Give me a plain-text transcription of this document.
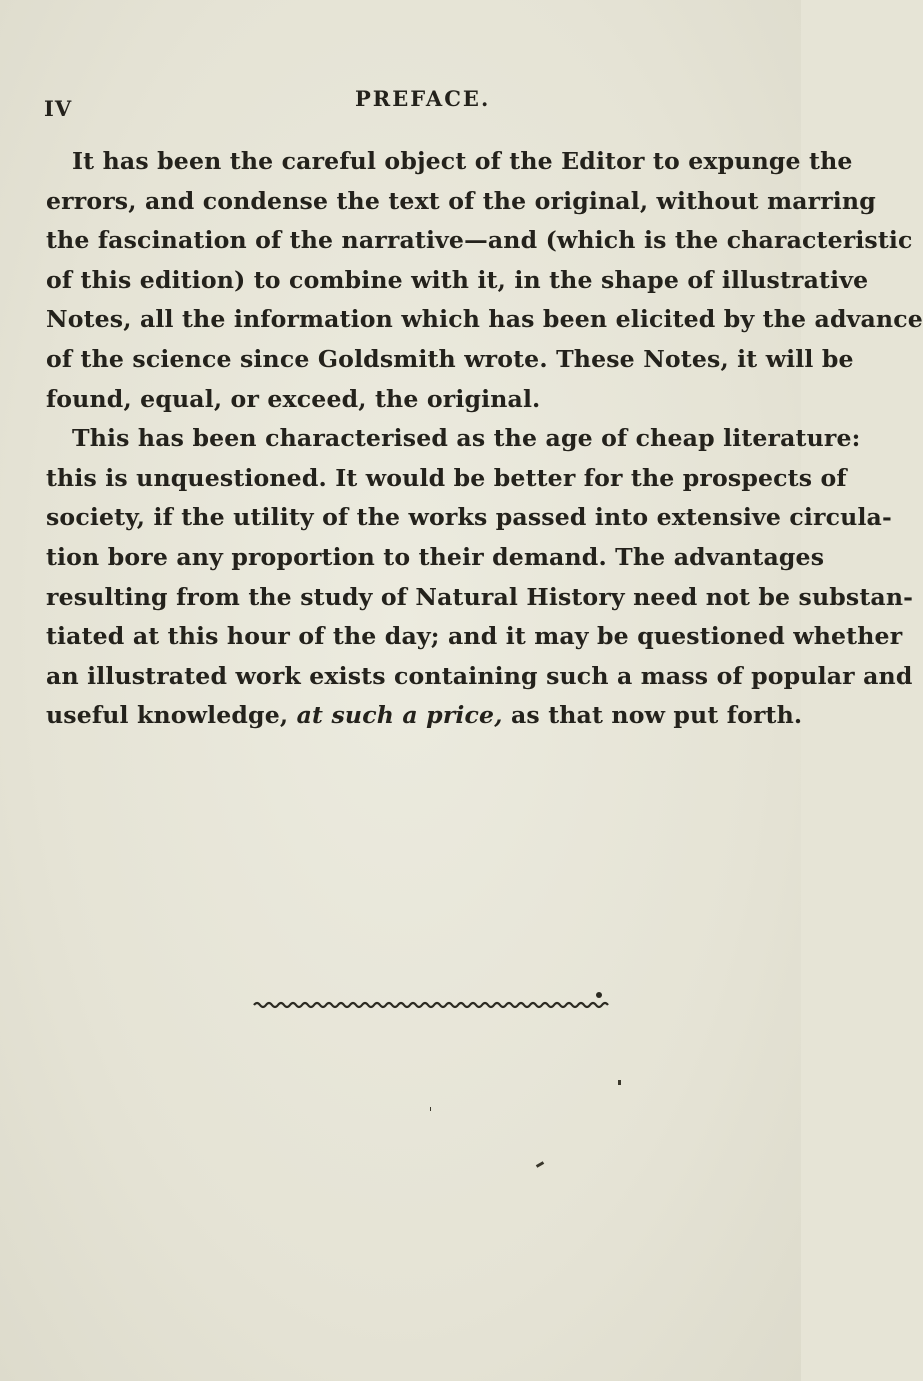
IV	PREFACE.
It has been the careful object of the Editor to expunge the
errors, and condense the text of the original, without marring
the fascination of the narrative—and (which is the characteristic
of this edition) to combine with it, in the shape of illustrative
Notes, all the information which has been elicited by the advance
of the science since Goldsmith wrote. These Notes, it will be
found, equal, or exceed, the original.
This has been characterised as the age of cheap literature:
this is unquestioned. It would be better for the prospects of
society, if the utility of the works passed into extensive circula-
tion bore any proportion to their demand. The advantages
resulting from the study of Natural History need not be substan-
tiated at this hour of the day; and it may be questioned whether
an illustrated work exists containing such a mass of popular and
useful knowledge, at such a price, as that now put forth.
